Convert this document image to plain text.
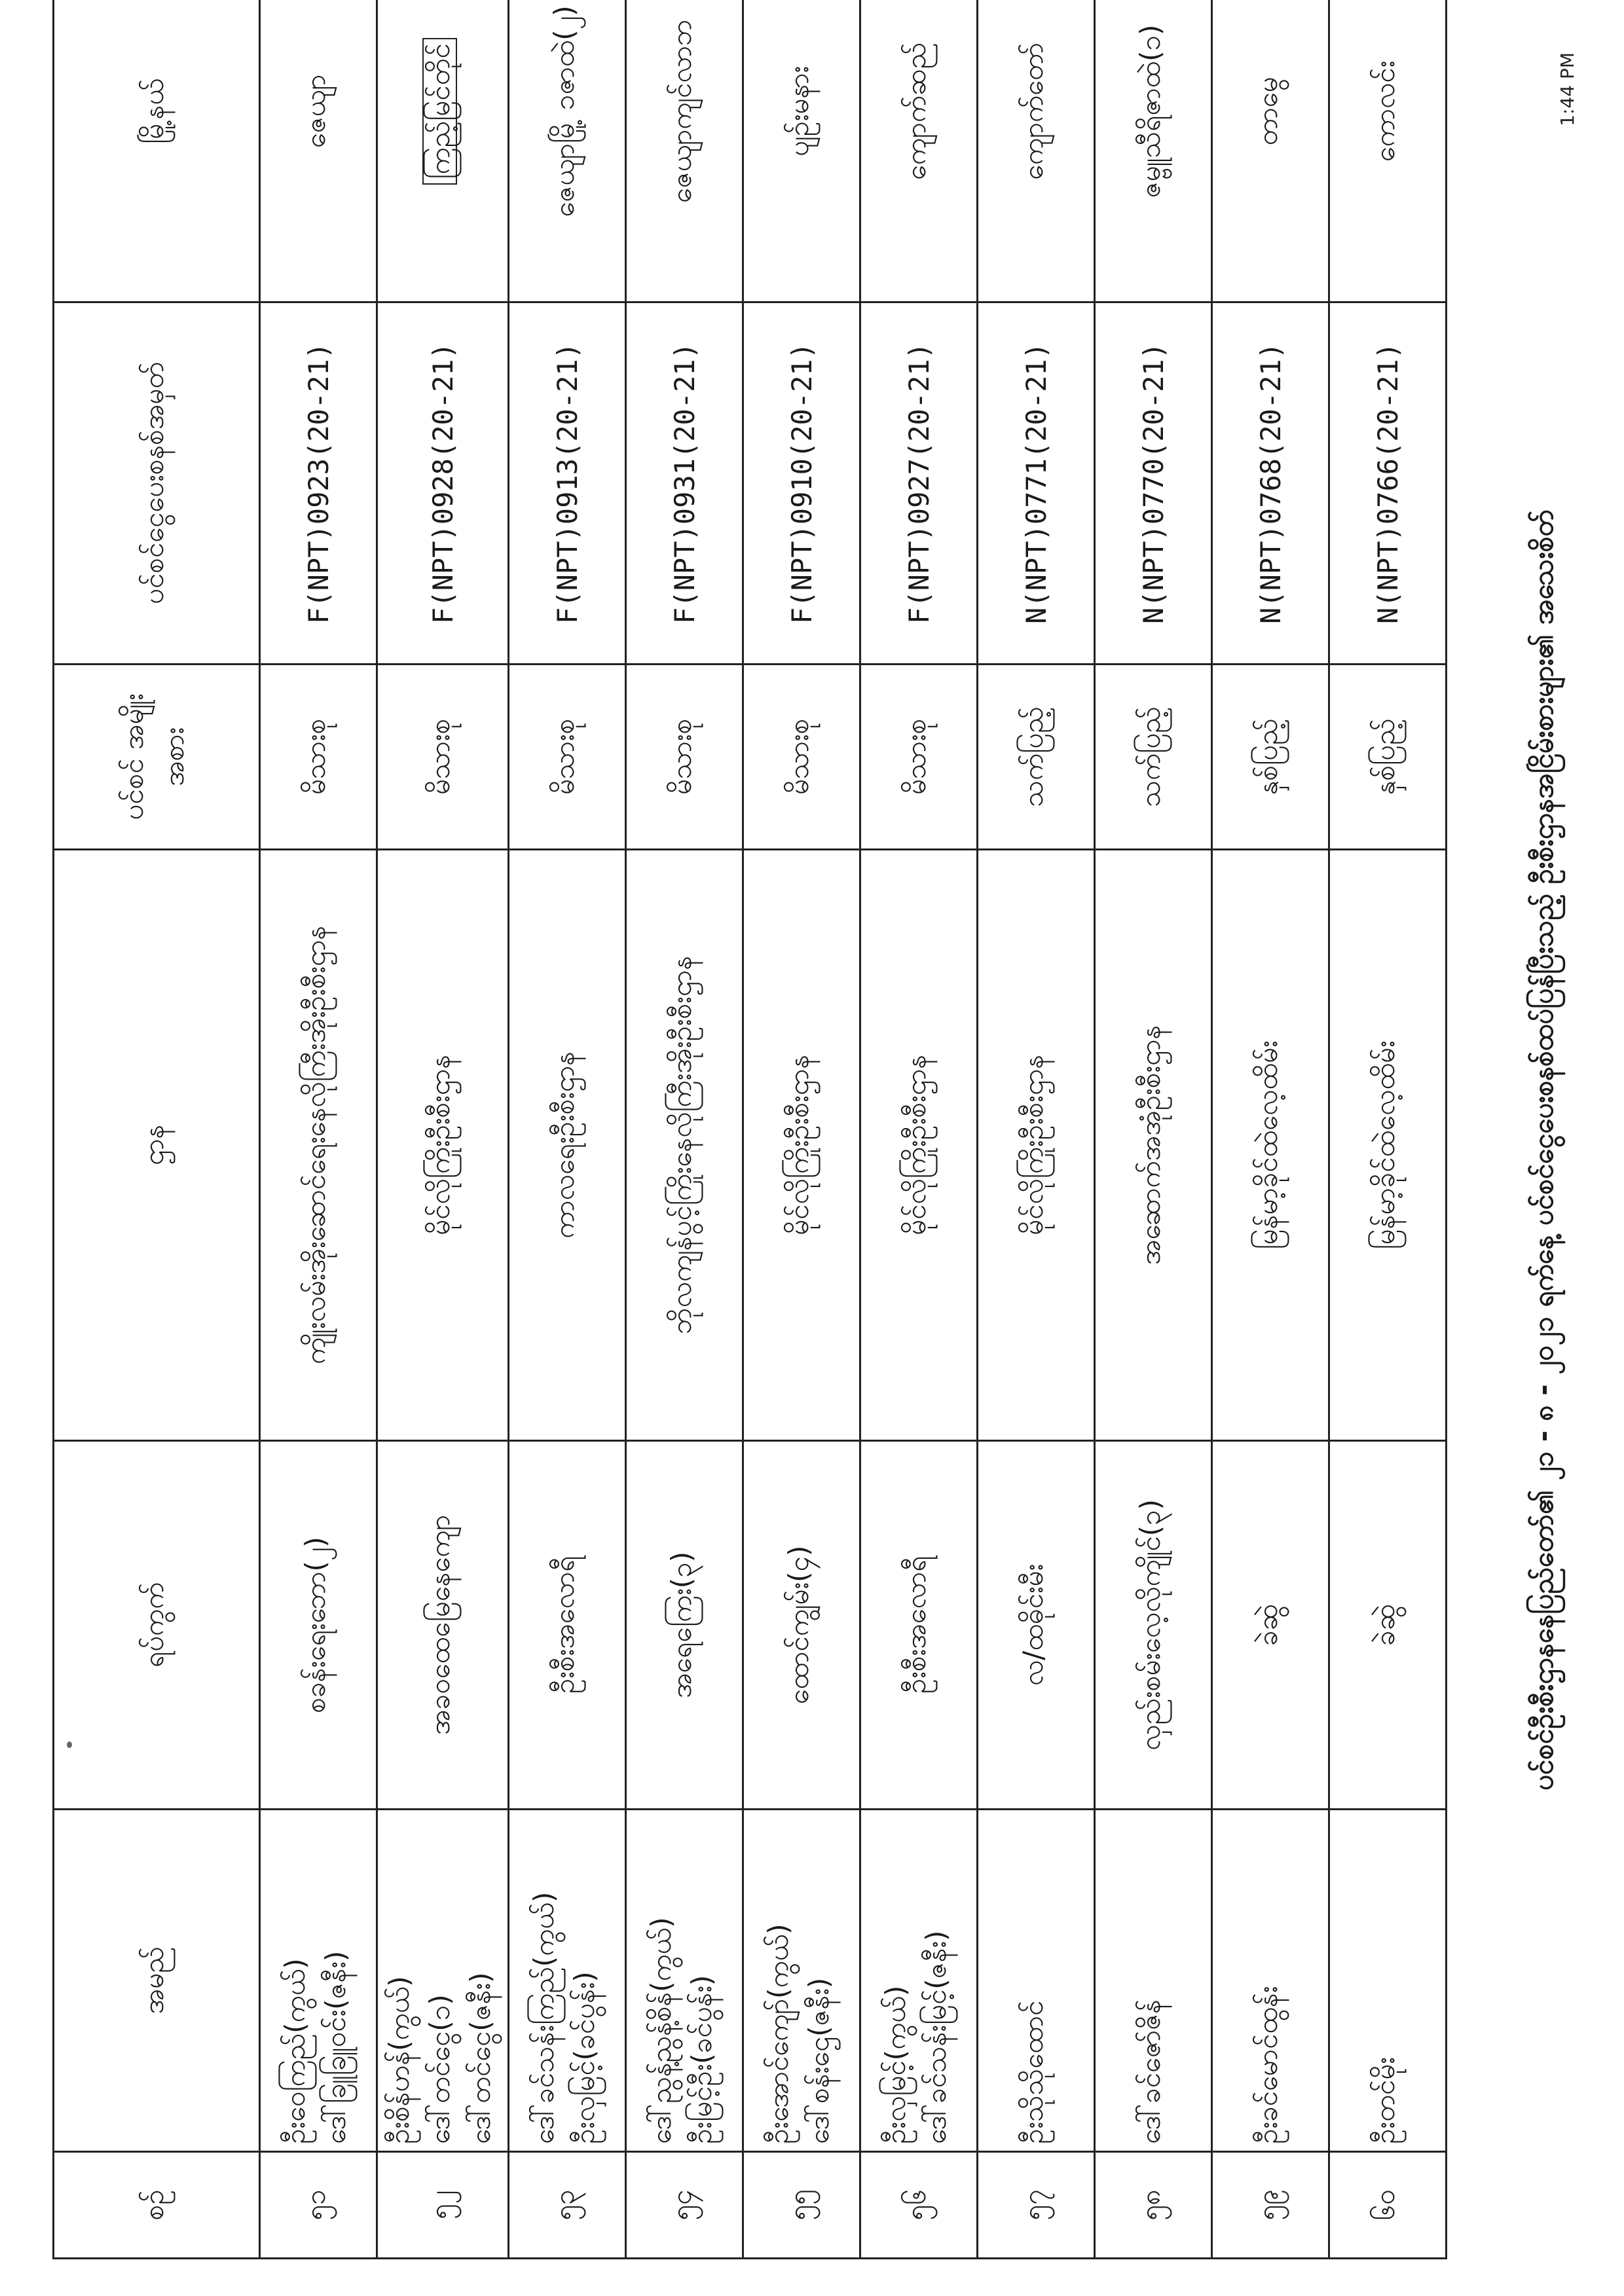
1:44 PM
စဉ်	အမည်	ရပ်ကွက်	ဌာန	ပင်စင် အမျိုးအစား	ပင်စင်ငွေပေးစနစ်အမှတ်	မြို့နယ်
၅၁	ဦးဝေကြည်(ကွယ်) ဒေါ်ခြူခြူဝင်း(ဇနီး)	စခန်းရေးဘော(၂)	ကျိုးလမ်းအိုးဆောင်ရေးနေလိုကြီးအိုးဦးစီးဌာန	မိသားစု	F(NPT)0923(20-21)	ဇေယျာ
၅၂	ဦးစိန်ဟန်(ကွယ်) ဒေါ်တင်ငွေ(၁) ဒေါ်တင်ငွေ(ဇနီး)	အခဝထေမြေနေကျော	မိုင်လိုကြိုးဦးစီးဌာန	မိသားစု	F(NPT)0928(20-21)	ကြည့်မြင်တိုင်
၅၃	ဒေါ်ခင်သန်းကြည်(ကွယ်) ဦးလှမြင့်(ခင်ပွန်း)	ဦးစီးအလောရီ	ကာလရေးဦးစီးဌာန	မိသားစု	F(NPT)0913(20-21)	ဇေယျာမြို့ ၁ဇာထဲ(၂)
၅၄	ဒေါ်ညွန့်ညွန့်စိန်(ကွယ်) ဦးမြင့်ဦး(ခင်ပွန်း)	အရေကြေး(၃)	ဘိုလကျန်ပွင့်ကြိုးနေလိုကြီးအိုးဦးစီးဌာန	မိသားစု	F(NPT)0931(20-21)	ဇေယျာကျင်လာဘ
၅၅	ဦးအောင်ကျော်(ကွယ်) ဒေါ်စန်းဌေ(ဇနီး)	ထောင်ကျွမ်း(၄)	မိုင်လိုကြိုးဦးစီးဌာန	မိသားစု	F(NPT)0910(20-21)	ပျဉ်းမနား
၅၆	ဦးလှမြင့်(ကွယ်) ဒေါ်ခင်သန်းမြင့်(ဇနီး)	ဦးစီးအလောရီ	မိုင်လိုကြိုးဦးစီးဌာန	မိသားစု	F(NPT)0927(20-21)	ကျောက်ဆည်
၅၇	ဦးသိုသိုထောင်	လ/ထဓိုင်းမီး	မိုင်လိုကြိုးဦးစီးဌာန	သက်ပြည့်	N(NPT)0771(20-21)	ကျောက်တော်
၅၈	ဒေါ်ခင်ဇော်ဇိန်	လှည်းစမ်းလေ့လိုကျိုင်(၃)	အဆောက်အအုံဦးစီးဌာန	သက်ပြည့်	N(NPT)0770(20-21)	ဇမ္ဗူသီရိဇာထဲ(၁)
၅၉	ဦးခင်မောင်ထွန်း	ခဲဆွဲ	မြန်မာ့ခိုင်ထဲလေ့ထိမ်း	နှစ်ပြည့်	N(NPT)0768(20-21)	တာမွေ
၆၀	ဦးတင်မိုး	ခဲဆွဲ	မြန်မာ့ခိုင်ထဲလေ့ထိမ်း	နှစ်ပြည့်	N(NPT)0766(20-21)	ကောလင်း
ပင်စင်ဦးစီးဌာနနေပြည်တော်၏ ၂၁ - ၈ - ၂၀၂၁ ရက်နေ့ ပင်စင်ငွေပေးစနစ်ထပ်ပြန်ပြီးသည့် ဦးစီးဌာနအငြိမ်းစားများ၏ အသေးစိတ်
